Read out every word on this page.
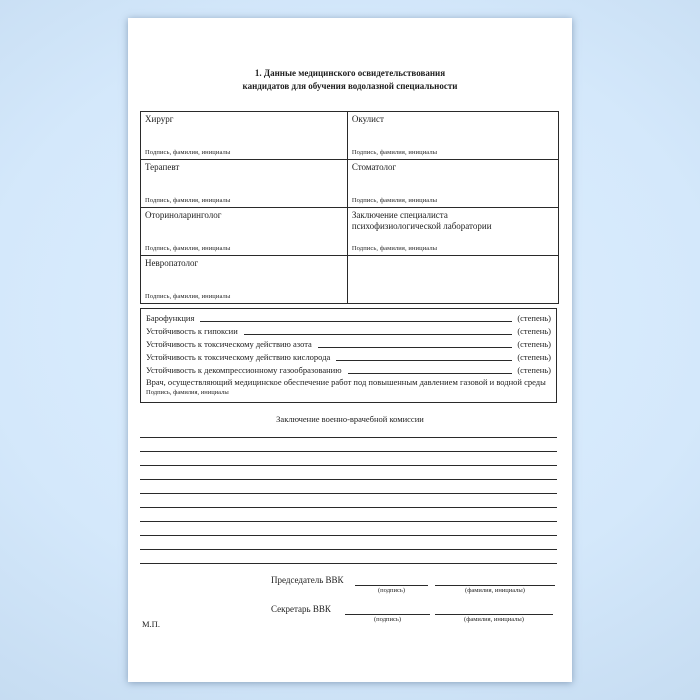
1. Данные медицинского освидетельствования
кандидатов для обучения водолазной специальности
Хирург
Подпись, фамилия, инициалы
Окулист
Подпись, фамилия, инициалы
Терапевт
Подпись, фамилия, инициалы
Стоматолог
Подпись, фамилия, инициалы
Оториноларинголог
Подпись, фамилия, инициалы
Заключение специалиста психофизиологической лаборатории
Подпись, фамилия, инициалы
Невропатолог
Подпись, фамилия, инициалы
Барофункция	(степень)
Устойчивость к гипоксии	(степень)
Устойчивость к токсическому действию азота	(степень)
Устойчивость к токсическому действию кислорода	(степень)
Устойчивость к декомпрессионному газообразованию	(степень)
Врач, осуществляющий медицинское обеспечение работ под повышенным давлением газовой и водной среды
Подпись, фамилия, инициалы
Заключение военно-врачебной комиссии
Председатель ВВК
(подпись)	(фамилия, инициалы)
Секретарь ВВК
(подпись)	(фамилия, инициалы)
М.П.
